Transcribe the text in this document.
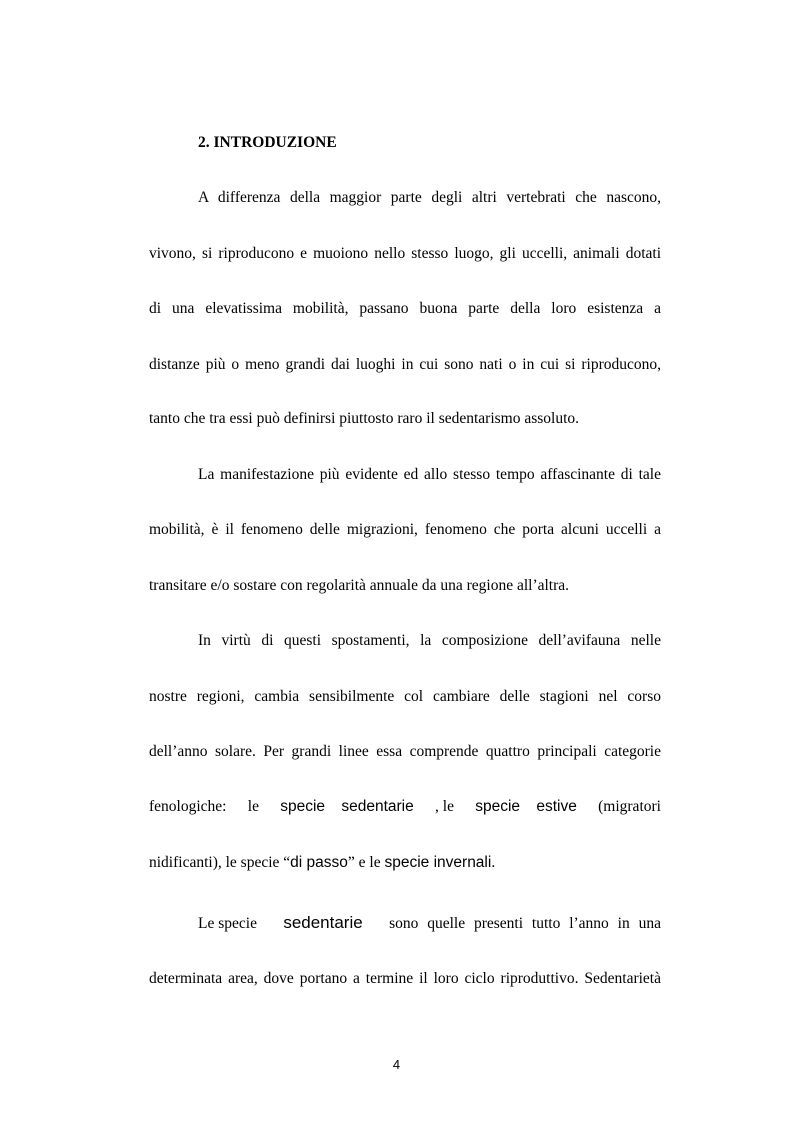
2. INTRODUZIONE

A differenza della maggior parte degli altri vertebrati che nascono,

vivono, si riproducono e muoiono nello stesso luogo, gli uccelli, animali dotati

di una elevatissima mobilità, passano buona parte della loro esistenza a

distanze più o meno grandi dai luoghi in cui sono nati o in cui si riproducono,

tanto che tra essi può definirsi piuttosto raro il sedentarismo assoluto.

La manifestazione più evidente ed allo stesso tempo affascinante di tale

mobilità, è il fenomeno delle migrazioni, fenomeno che porta alcuni uccelli a

transitare e/o sostare con regolarità annuale da una regione all’altra.

In virtù di questi spostamenti, la composizione dell’avifauna nelle

nostre regioni, cambia sensibilmente col cambiare delle stagioni nel corso

dell’anno solare. Per grandi linee essa comprende quattro principali categorie

fenologiche: le specie sedentarie , le specie estive (migratori

nidificanti), le specie “di passo” e le specie invernali.

Le specie sedentarie sono quelle presenti tutto l’anno in una

determinata area, dove portano a termine il loro ciclo riproduttivo. Sedentarietà

4
